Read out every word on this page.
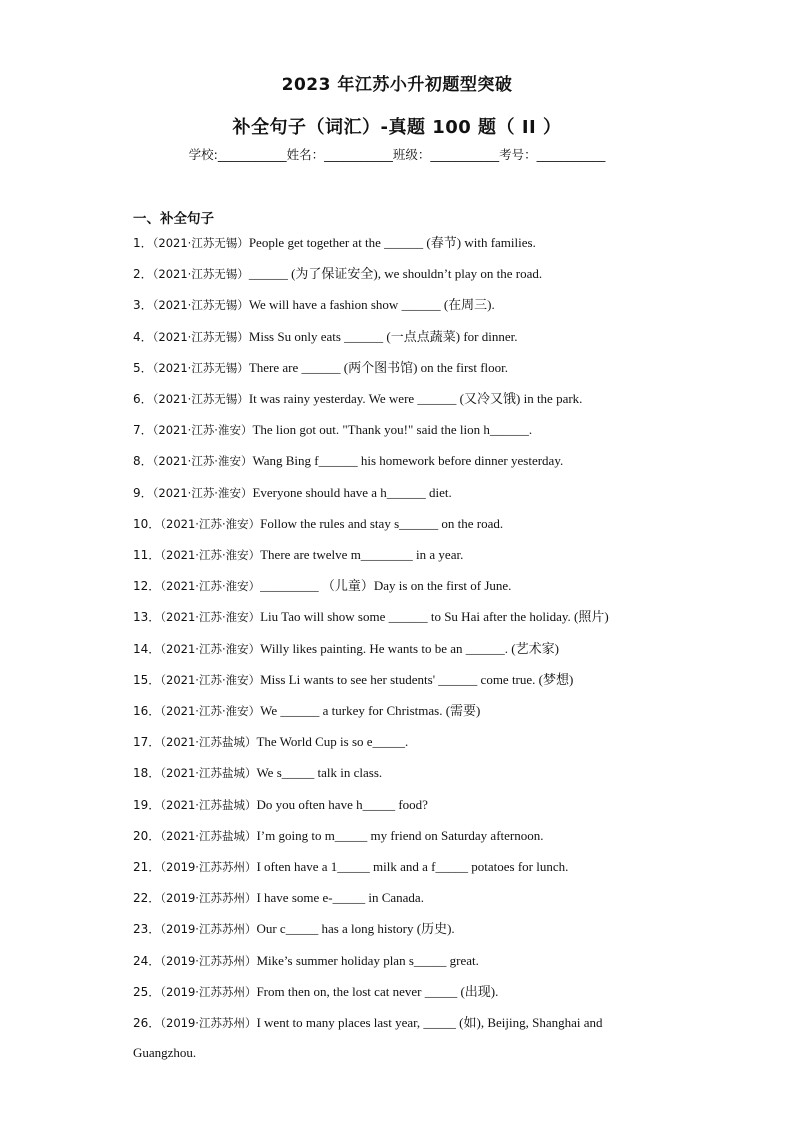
2023 年江苏小升初题型突破
补全句子（词汇）-真题 100 题（ II ）
学校:___________姓名：___________班级：___________考号：___________
一、补全句子
1．（2021·江苏无锡）People get together at the ______ (春节) with families.
2．（2021·江苏无锡）______ (为了保证安全), we shouldn’t play on the road.
3．（2021·江苏无锡）We will have a fashion show ______ (在周三).
4．（2021·江苏无锡）Miss Su only eats ______ (一点点蔬菜) for dinner.
5．（2021·江苏无锡）There are ______ (两个图书馆) on the first floor.
6．（2021·江苏无锡）It was rainy yesterday. We were ______ (又冷又饿) in the park.
7．（2021·江苏·淮安）The lion got out. "Thank you!" said the lion h______.
8．（2021·江苏·淮安）Wang Bing f______ his homework before dinner yesterday.
9．（2021·江苏·淮安）Everyone should have a h______ diet.
10．（2021·江苏·淮安）Follow the rules and stay s______ on the road.
11．（2021·江苏·淮安）There are twelve m________ in a year.
12．（2021·江苏·淮安）_________ （儿童）Day is on the first of June.
13．（2021·江苏·淮安）Liu Tao will show some ______ to Su Hai after the holiday. (照片)
14．（2021·江苏·淮安）Willy likes painting. He wants to be an ______. (艺术家)
15．（2021·江苏·淮安）Miss Li wants to see her students' ______ come true. (梦想)
16．（2021·江苏·淮安）We ______ a turkey for Christmas. (需要)
17．（2021·江苏盐城）The World Cup is so e_____.
18．（2021·江苏盐城）We s_____ talk in class.
19．（2021·江苏盐城）Do you often have h_____ food?
20．（2021·江苏盐城）I’m going to m_____ my friend on Saturday afternoon.
21．（2019·江苏苏州）I often have a 1_____ milk and a f_____ potatoes for lunch.
22．（2019·江苏苏州）I have some e-_____ in Canada.
23．（2019·江苏苏州）Our c_____ has a long history (历史).
24．（2019·江苏苏州）Mike’s summer holiday plan s_____ great.
25．（2019·江苏苏州）From then on, the lost cat never _____ (出现).
26．（2019·江苏苏州）I went to many places last year, _____ (如), Beijing, Shanghai and
Guangzhou.
